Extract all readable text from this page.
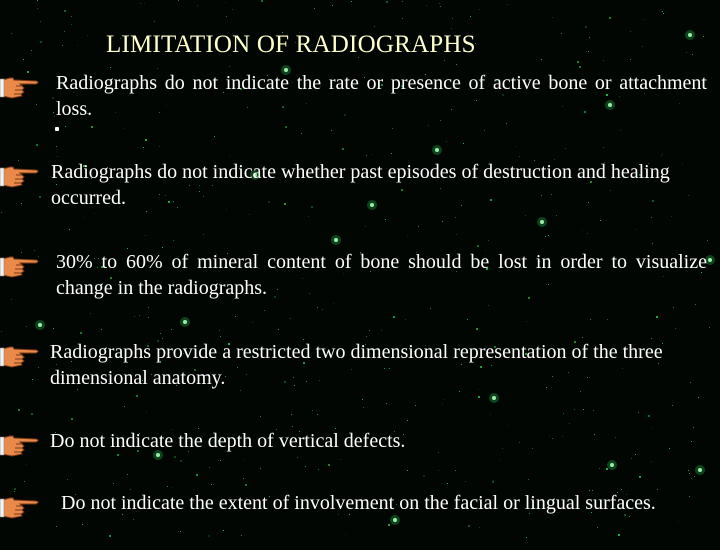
LIMITATION OF RADIOGRAPHS
Radiographs do not indicate the rate or presence of active bone or attachment loss.
Radiographs do not indicate whether past episodes of destruction and healing occurred.
30% to 60% of mineral content of bone should be lost in order to visualize change in the radiographs.
Radiographs provide a restricted two dimensional representation of the three dimensional anatomy.
Do not indicate the depth of vertical defects.
Do not indicate the extent of involvement on the facial or lingual surfaces.
